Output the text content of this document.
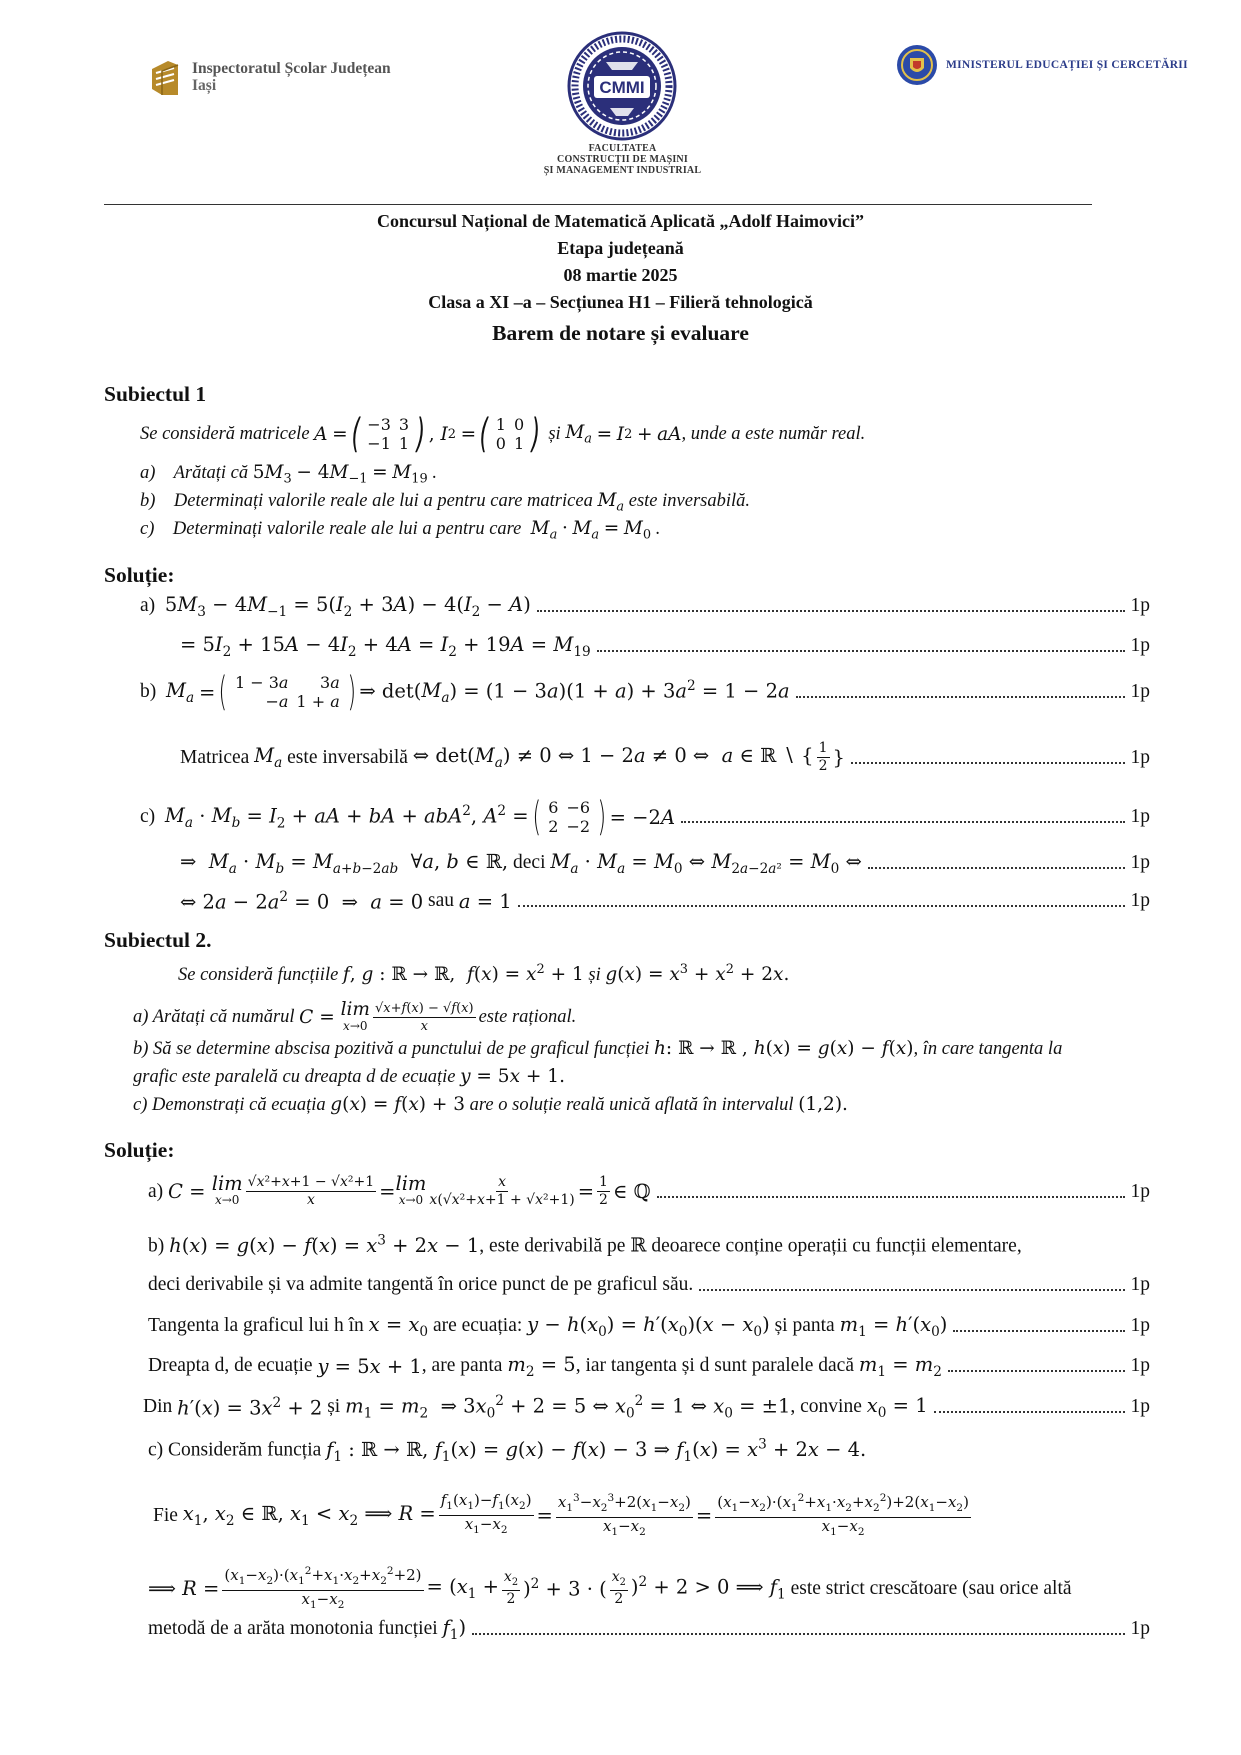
Inspectoratul Școlar Județean
Iași	CMMI
FACULTATEA
CONSTRUCȚII DE MAȘINI
ȘI MANAGEMENT INDUSTRIAL
MINISTERUL EDUCAȚIEI ȘI CERCETĂRII
Concursul Național de Matematică Aplicată „Adolf Haimovici”
Etapa județeană
08 martie 2025
Clasa a XI –a – Secțiunea H1 – Filieră tehnologică
Barem de notare și evaluare
Subiectul 1
Se consideră matricele
A
= ( −3	3
−1	1 ) , I 2
= ( 1	0
0	1 )
și
$M_a$
=
I 2
+
aA , unde a este număr real.
a) Arătați că $5M_3 - 4M_{-1} = M_{19}$ .
b) Determinați valorile reale ale lui a pentru care matricea $M_a$ este inversabilă.
c) Determinați valorile reale ale lui a pentru care $M_a \cdot M_a = M_0$ .
Soluție:
a)
$5M_3 - 4M_{-1} = 5(I_2 + 3A) - 4(I_2 - A)$	1p
= $5I_2 + 15A - 4I_2 + 4A = I_2 + 19A = M_{19}$	1p
b)
$M_a$
= ( 1 − 3a	3a
−a	1 + a ) ⇒ $\det(M_a) = (1 - 3a)(1 + a) + 3a^2 = 1 - 2a$	1p
Matricea
$M_a$
este inversabilă
⇔ $\det(M_a) \ne 0$ ⇔ 1 − 2a ≠ 0 ⇔  a ∈ ℝ ∖ { $\frac{1}{2}$ }	1p
c)
$M_a \cdot M_b = I_2$ + aA + bA + abA$^2$, $A^2$ = ( 6	−6
2	−2 ) = −2A	1p
⇒  $M_a \cdot M_b = M_{a+b-2ab}$  ∀a, b ∈ ℝ,
deci
$M_a \cdot M_a = M_0$ ⇔ $M_{2a-2a^2} = M_0$ ⇔	1p
⇔ $2a - 2a^2 = 0$  ⇒  a = 0
sau
a = 1	1p
Subiectul 2.
Se consideră funcțiile f, g : ℝ → ℝ,  $f(x) = x^2 + 1$ și $g(x) = x^3 + x^2 + 2x$.
a) Arătați că numărul
C = lim
$x\to 0 \frac{√x+f(x) - √f(x)}{x}$ este rațional.
b) Să se determine abscisa pozitivă a punctului de pe graficul funcției h: ℝ → ℝ , h(x) = g(x) − f(x), în care tangenta la
grafic este paralelă cu dreapta d de ecuație y = 5x + 1.
c) Demonstrați că ecuația g(x) = f(x) + 3 are o soluție reală unică aflată în intervalul (1,2).
Soluție:
a)
C = lim
$x\to 0 \frac{\text{√x²+x+1 − √x²+1}}{x} = \lim$
$x\to 0 \frac{x}{\text{x(√x²+x+1 + √x²+1)}} = \frac{1}{2}$ ∈ ℚ	1p
b) $h(x) = g(x) - f(x) = x^3 + 2x - 1$, este derivabilă pe ℝ deoarece conține operații cu funcții elementare,
deci derivabile și va admite tangentă în orice punct de pe graficul său.	1p
Tangenta la graficul lui h în
$x = x_0$
are ecuația:
$y - h(x_0) = h'(x_0)(x - x_0)$
și panta
$m_1 = h'(x_0)$	1p
Dreapta d, de ecuație
y = 5x + 1 , are panta
$m_2 = 5$ , iar tangenta și d sunt paralele dacă
$m_1 = m_2$	1p
Din
$h'(x) = 3x^2 + 2$
și
$m_1 = m_2$  ⇒ $3x_0^2 + 2 = 5$ ⇔ $x_0^2 = 1$ ⇔ $x_0 = \pm 1$ , convine
$x_0 = 1$	1p
c) Considerăm funcția $f_1$ : ℝ → ℝ, $f_1(x) = g(x) - f(x) - 3$ ⇒ $f_1(x) = x^3 + 2x - 4$.
Fie
$x_1$, $x_2$ ∈ ℝ, $x_1 < x_2$ ⟹ $R = \frac{f_1(x_1)-f_1(x_2)}{x_1-x_2} = \frac{x_1^3-x_2^3+2(x_1-x_2)}{x_1-x_2} = \frac{(x_1-x_2)\cdot(x_1^2+x_1\cdot x_2+x_2^2)+2(x_1-x_2)}{x_1-x_2}$
⟹ $R = \frac{(x_1-x_2)\cdot(x_1^2+x_1\cdot x_2+x_2^2+2)}{x_1-x_2} = (x_1 + \frac{x_2}{2} )^2 + 3$ · ( $\frac{x_2}{2} )^2 + 2 > 0$ ⟹ $f_1$
este strict crescătoare (sau orice altă
metodă de a arăta monotonia funcției
$f_1$)	1p
